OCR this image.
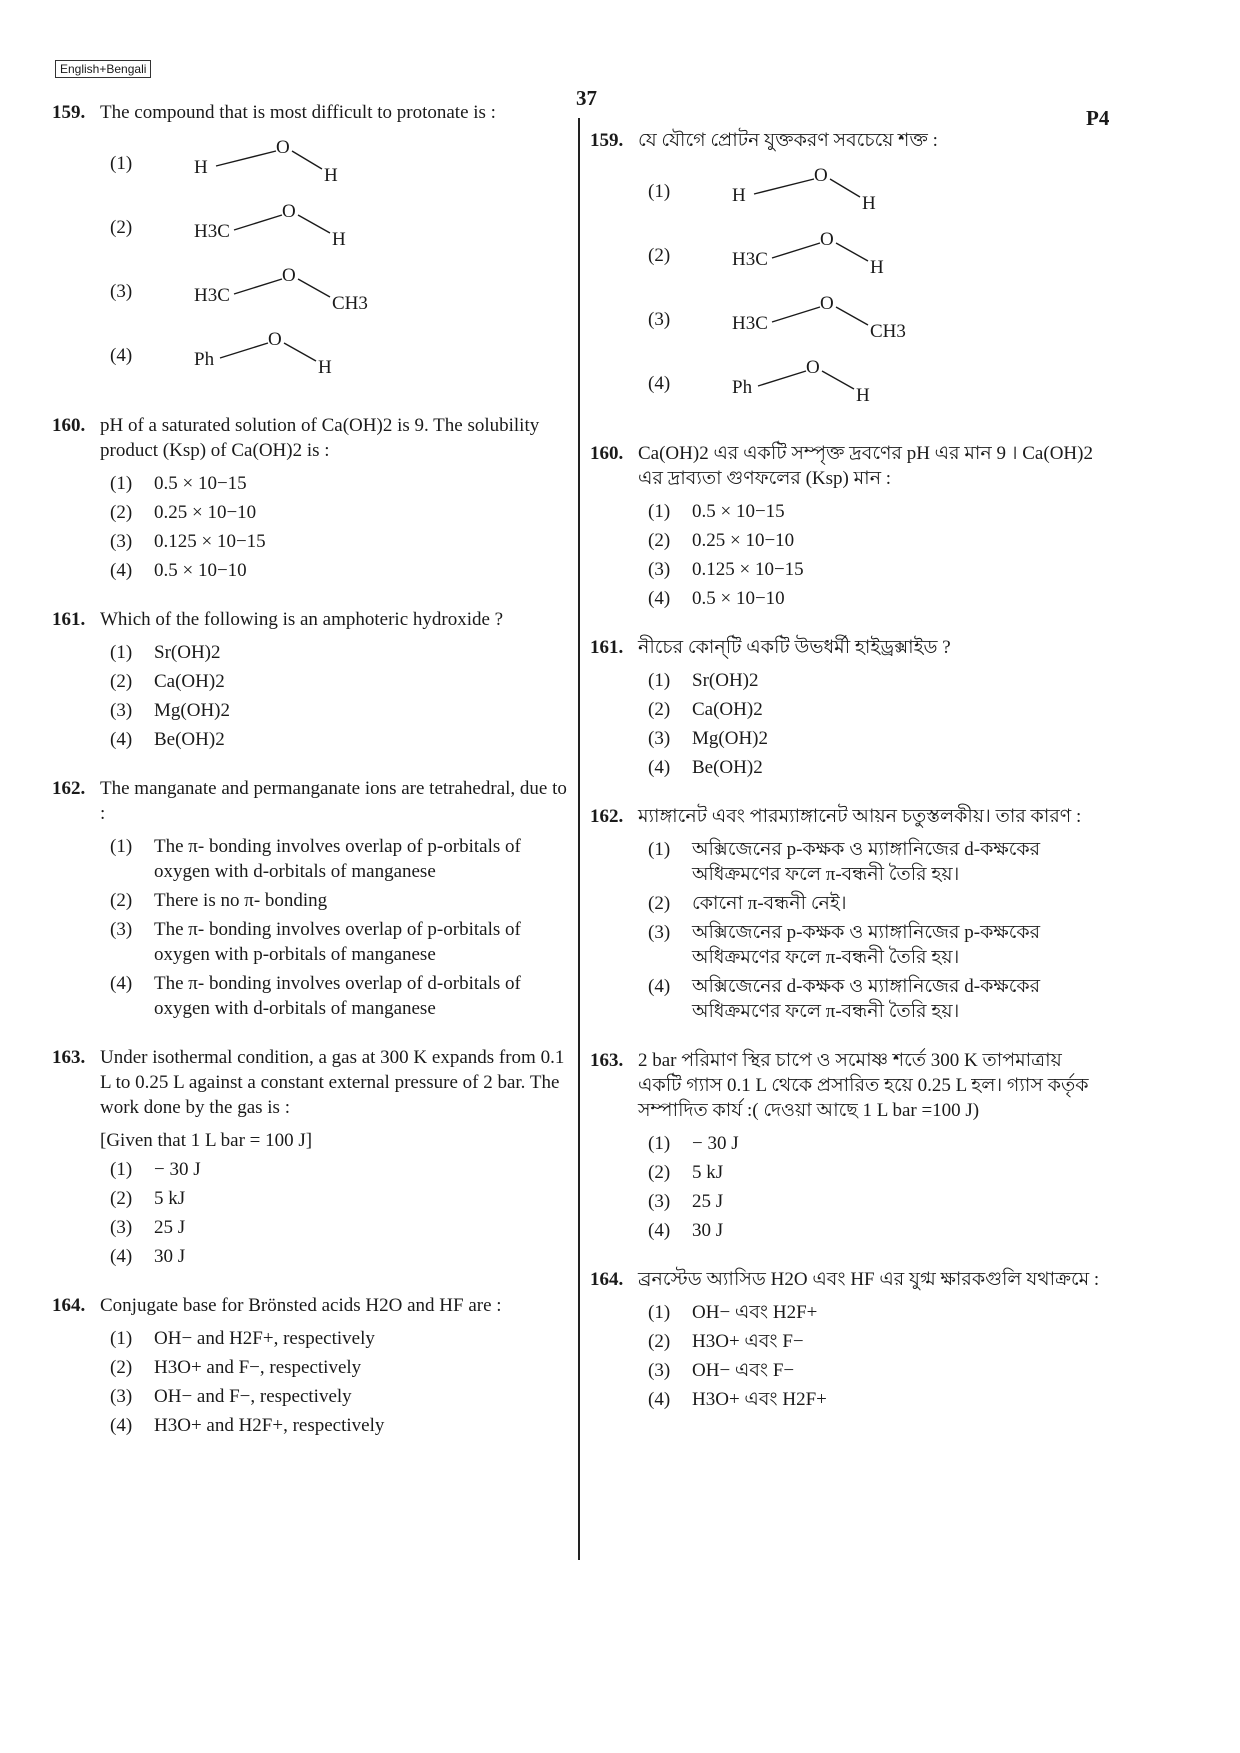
English+Bengali
37
P4
159. The compound that is most difficult to protonate is :
(1)	H
O
H
(2)	H3C
O
H
(3)	H3C
O
CH3
(4)	Ph
O
H
160. pH of a saturated solution of Ca(OH)2 is 9. The solubility product (Ksp) of Ca(OH)2 is :
(1) 0.5 × 10−15
(2) 0.25 × 10−10
(3) 0.125 × 10−15
(4) 0.5 × 10−10
161. Which of the following is an amphoteric hydroxide ?
(1) Sr(OH)2
(2) Ca(OH)2
(3) Mg(OH)2
(4) Be(OH)2
162. The manganate and permanganate ions are tetrahedral, due to :
(1) The π- bonding involves overlap of p-orbitals of oxygen with d-orbitals of manganese
(2) There is no π- bonding
(3) The π- bonding involves overlap of p-orbitals of oxygen with p-orbitals of manganese
(4) The π- bonding involves overlap of d-orbitals of oxygen with d-orbitals of manganese
163. Under isothermal condition, a gas at 300 K expands from 0.1 L to 0.25 L against a constant external pressure of 2 bar. The work done by the gas is :
[Given that 1 L bar = 100 J]
(1) − 30 J
(2) 5 kJ
(3) 25 J
(4) 30 J
164. Conjugate base for Brönsted acids H2O and HF are :
(1) OH− and H2F+, respectively
(2) H3O+ and F−, respectively
(3) OH− and F−, respectively
(4) H3O+ and H2F+, respectively
159. যে যৌগে প্রোটন যুক্তকরণ সবচেয়ে শক্ত :
(1)	H
O
H
(2)	H3C
O
H
(3)	H3C
O
CH3
(4)	Ph
O
H
160. Ca(OH)2 এর একটি সম্পৃক্ত দ্রবণের pH এর মান 9 । Ca(OH)2 এর দ্রাব্যতা গুণফলের (Ksp) মান :
(1) 0.5 × 10−15
(2) 0.25 × 10−10
(3) 0.125 × 10−15
(4) 0.5 × 10−10
161. নীচের কোন্‌টি একটি উভধর্মী হাইড্রক্সাইড ?
(1) Sr(OH)2
(2) Ca(OH)2
(3) Mg(OH)2
(4) Be(OH)2
162. ম্যাঙ্গানেট এবং পারম্যাঙ্গানেট আয়ন চতুস্তলকীয়। তার কারণ :
(1) অক্সিজেনের p-কক্ষক ও ম্যাঙ্গানিজের d-কক্ষকের অধিক্রমণের ফলে π-বন্ধনী তৈরি হয়।
(2) কোনো π-বন্ধনী নেই।
(3) অক্সিজেনের p-কক্ষক ও ম্যাঙ্গানিজের p-কক্ষকের অধিক্রমণের ফলে π-বন্ধনী তৈরি হয়।
(4) অক্সিজেনের d-কক্ষক ও ম্যাঙ্গানিজের d-কক্ষকের অধিক্রমণের ফলে π-বন্ধনী তৈরি হয়।
163. 2 bar পরিমাণ স্থির চাপে ও সমোষ্ণ শর্তে 300 K তাপমাত্রায় একটি গ্যাস 0.1 L থেকে প্রসারিত হয়ে 0.25 L হল। গ্যাস কর্তৃক সম্পাদিত কার্য :( দেওয়া আছে 1 L bar =100 J)
(1) − 30 J
(2) 5 kJ
(3) 25 J
(4) 30 J
164. ব্রনস্টেড অ্যাসিড H2O এবং HF এর যুগ্ম ক্ষারকগুলি যথাক্রমে :
(1) OH− এবং H2F+
(2) H3O+ এবং F−
(3) OH− এবং F−
(4) H3O+ এবং H2F+
